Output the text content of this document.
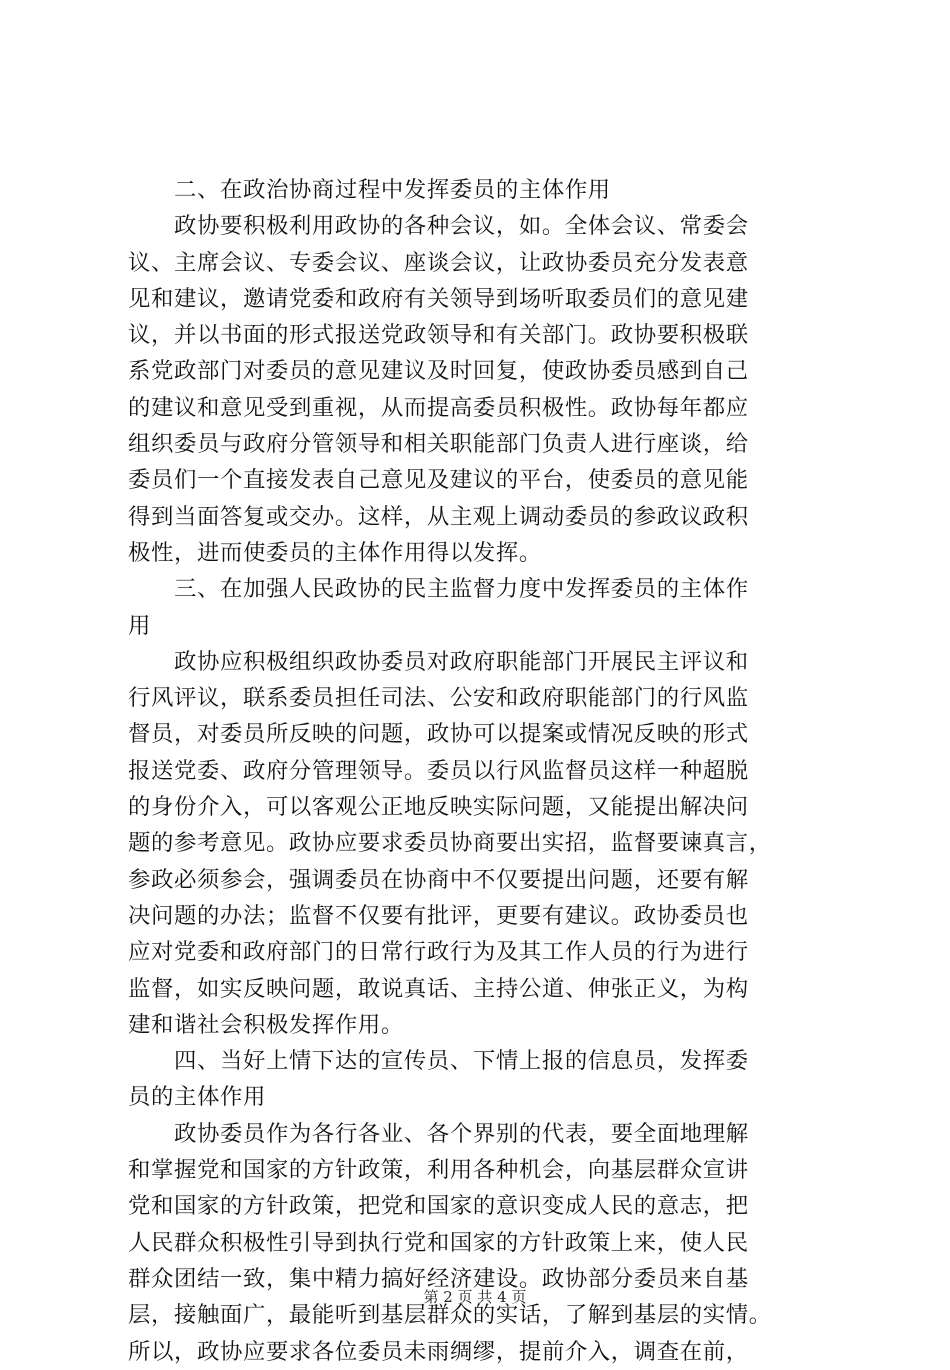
　　二、在政治协商过程中发挥委员的主体作用
　　政协要积极利用政协的各种会议，如。全体会议、常委会
议、主席会议、专委会议、座谈会议，让政协委员充分发表意
见和建议，邀请党委和政府有关领导到场听取委员们的意见建
议，并以书面的形式报送党政领导和有关部门。政协要积极联
系党政部门对委员的意见建议及时回复，使政协委员感到自己
的建议和意见受到重视，从而提高委员积极性。政协每年都应
组织委员与政府分管领导和相关职能部门负责人进行座谈，给
委员们一个直接发表自己意见及建议的平台，使委员的意见能
得到当面答复或交办。这样，从主观上调动委员的参政议政积
极性，进而使委员的主体作用得以发挥。
　　三、在加强人民政协的民主监督力度中发挥委员的主体作
用
　　政协应积极组织政协委员对政府职能部门开展民主评议和
行风评议，联系委员担任司法、公安和政府职能部门的行风监
督员，对委员所反映的问题，政协可以提案或情况反映的形式
报送党委、政府分管理领导。委员以行风监督员这样一种超脱
的身份介入，可以客观公正地反映实际问题，又能提出解决问
题的参考意见。政协应要求委员协商要出实招，监督要谏真言，
参政必须参会，强调委员在协商中不仅要提出问题，还要有解
决问题的办法；监督不仅要有批评，更要有建议。政协委员也
应对党委和政府部门的日常行政行为及其工作人员的行为进行
监督，如实反映问题，敢说真话、主持公道、伸张正义，为构
建和谐社会积极发挥作用。
　　四、当好上情下达的宣传员、下情上报的信息员，发挥委
员的主体作用
　　政协委员作为各行各业、各个界别的代表，要全面地理解
和掌握党和国家的方针政策，利用各种机会，向基层群众宣讲
党和国家的方针政策，把党和国家的意识变成人民的意志，把
人民群众积极性引导到执行党和国家的方针政策上来，使人民
群众团结一致，集中精力搞好经济建设。政协部分委员来自基
层，接触面广，最能听到基层群众的实话，了解到基层的实情。
所以，政协应要求各位委员未雨绸缪，提前介入，调查在前，
第 2 页 共 4 页
